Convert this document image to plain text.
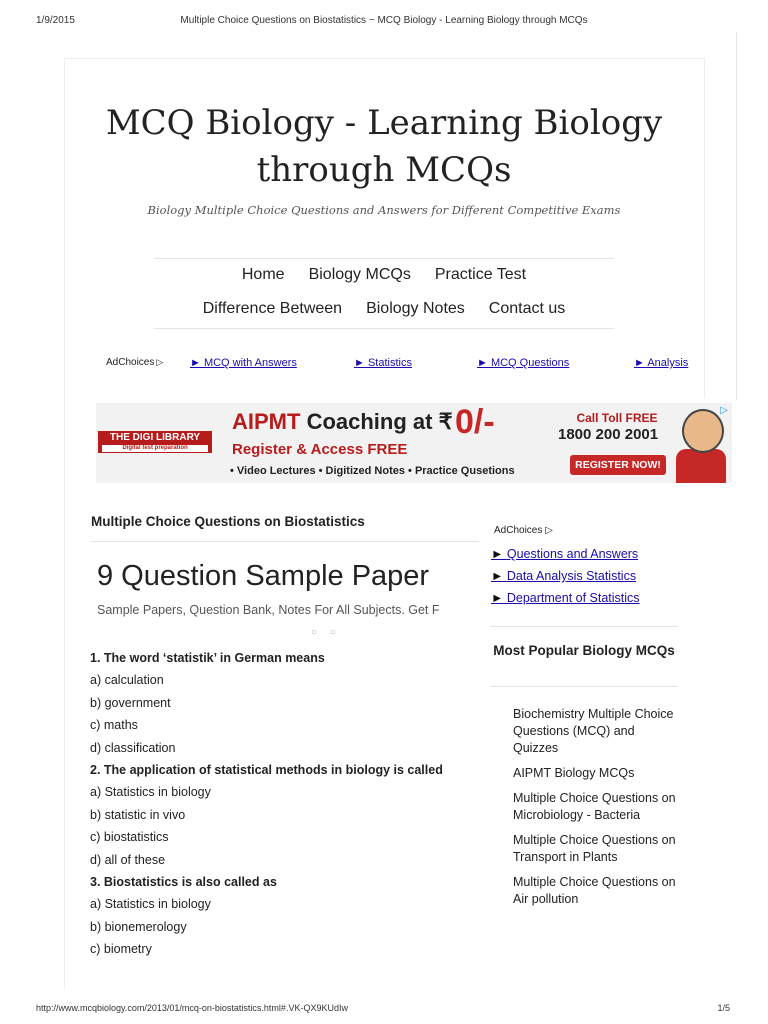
1/9/2015	Multiple Choice Questions on Biostatistics ~ MCQ Biology - Learning Biology through MCQs
http://www.mcqbiology.com/2013/01/mcq-on-biostatistics.html#.VK-QX9KUdIw	1/5
MCQ Biology - Learning Biology
through MCQs
Biology Multiple Choice Questions and Answers for Different Competitive Exams
Home	Biology MCQs	Practice Test
Difference Between	Biology Notes	Contact us
AdChoices ▷ ► MCQ with Answers	► Statistics	► MCQ Questions	► Analysis
THE DIGI LIBRARY
Digital test preparation
AIPMT Coaching at ₹ 0/-
Register & Access FREE
• Video Lectures • Digitized Notes • Practice Qusetions
Call Toll FREE
1800 200 2001
REGISTER NOW!
▷
Multiple Choice Questions on Biostatistics
9 Question Sample Paper
Sample Papers, Question Bank, Notes For All Subjects. Get F
○ ○
1. The word ‘statistik’ in German means
a) calculation
b) government
c) maths
d) classification
2. The application of statistical methods in biology is called
a) Statistics in biology
b) statistic in vivo
c) biostatistics
d) all of these
3. Biostatistics is also called as
a) Statistics in biology
b) bionemerology
c) biometry
AdChoices ▷
► Questions and Answers
► Data Analysis Statistics
► Department of Statistics
Most Popular Biology MCQs
Biochemistry Multiple Choice Questions (MCQ) and Quizzes
AIPMT Biology MCQs
Multiple Choice Questions on Microbiology - Bacteria
Multiple Choice Questions on Transport in Plants
Multiple Choice Questions on Air pollution
